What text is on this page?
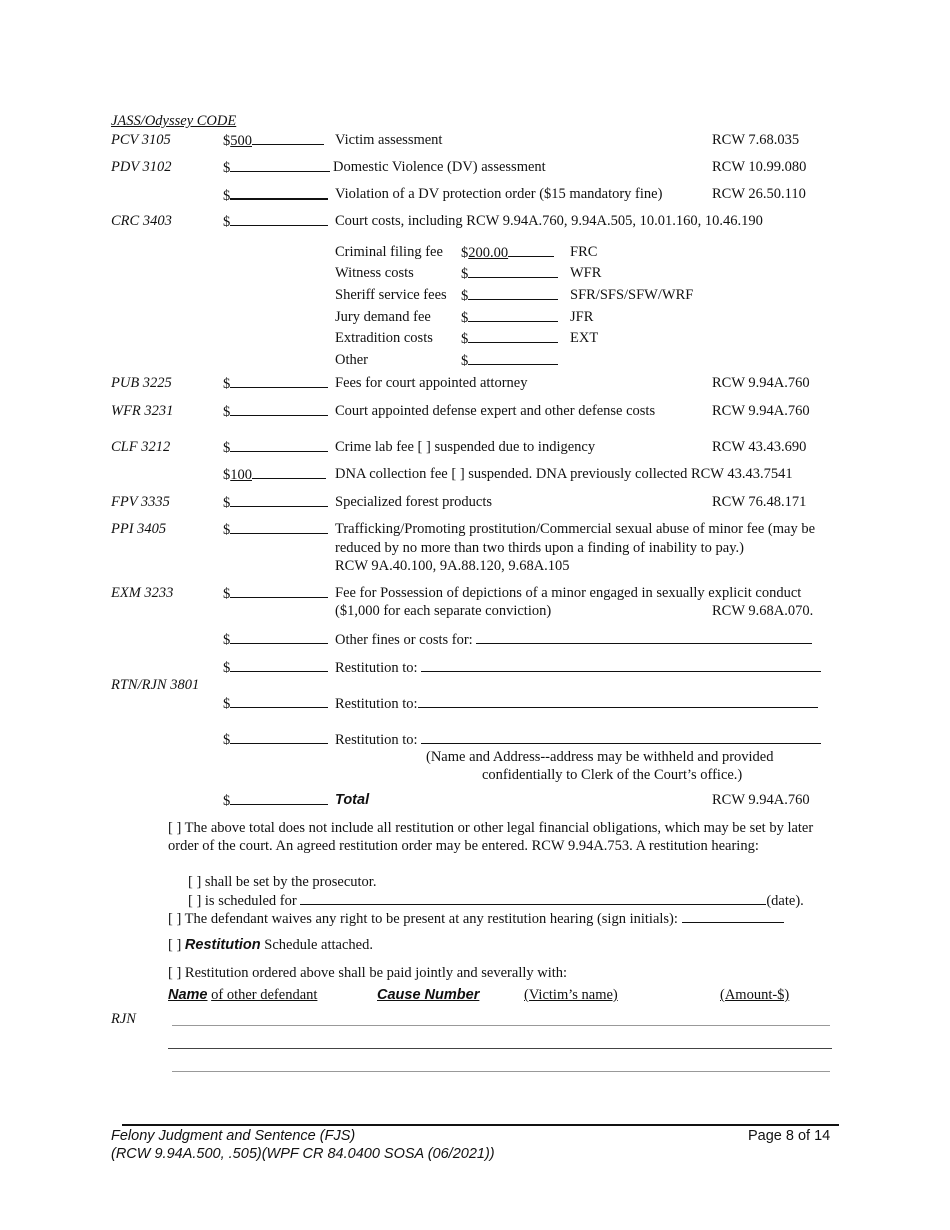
JASS/Odyssey CODE
PCV 3105	$500	Victim assessment	RCW 7.68.035
PDV 3102	$	Domestic Violence (DV) assessment	RCW 10.99.080
$	Violation of a DV protection order ($15 mandatory fine)	RCW 26.50.110
CRC 3403	$	Court costs, including RCW 9.94A.760, 9.94A.505, 10.01.160, 10.46.190
Criminal filing fee $200.00	FRC
Witness costs	$	WFR
Sheriff service fees $	SFR/SFS/SFW/WRF
Jury demand fee $	JFR
Extradition costs $	EXT
Other	$
PUB 3225	$	Fees for court appointed attorney	RCW 9.94A.760
WFR 3231	$	Court appointed defense expert and other defense costs	RCW 9.94A.760
CLF 3212	$	Crime lab fee [ ] suspended due to indigency	RCW 43.43.690
$100	DNA collection fee [ ] suspended. DNA previously collected RCW 43.43.7541
FPV 3335	$	Specialized forest products	RCW 76.48.171
PPI 3405	$	Trafficking/Promoting prostitution/Commercial sexual abuse of minor fee (may be
reduced by no more than two thirds upon a finding of inability to pay.)
RCW 9A.40.100, 9A.88.120, 9.68A.105
EXM 3233	$	Fee for Possession of depictions of a minor engaged in sexually explicit conduct
($1,000 for each separate conviction)	RCW 9.68A.070.
$	Other fines or costs for:
$	Restitution to:
RTN/RJN 3801
$	Restitution to:
$	Restitution to:
(Name and Address--address may be withheld and provided
confidentially to Clerk of the Court’s office.)
$	Total	RCW 9.94A.760
[ ] The above total does not include all restitution or other legal financial obligations, which may be set by later order of the court. An agreed restitution order may be entered. RCW 9.94A.753. A restitution hearing:
[ ] shall be set by the prosecutor.
[ ] is scheduled for	(date).
[ ] The defendant waives any right to be present at any restitution hearing (sign initials):
[ ] Restitution Schedule attached.
[ ] Restitution ordered above shall be paid jointly and severally with:
Name of other defendant	Cause Number	(Victim’s name)	(Amount-$)
RJN
Felony Judgment and Sentence (FJS)
(RCW 9.94A.500, .505)(WPF CR 84.0400 SOSA (06/2021))
Page 8 of 14
